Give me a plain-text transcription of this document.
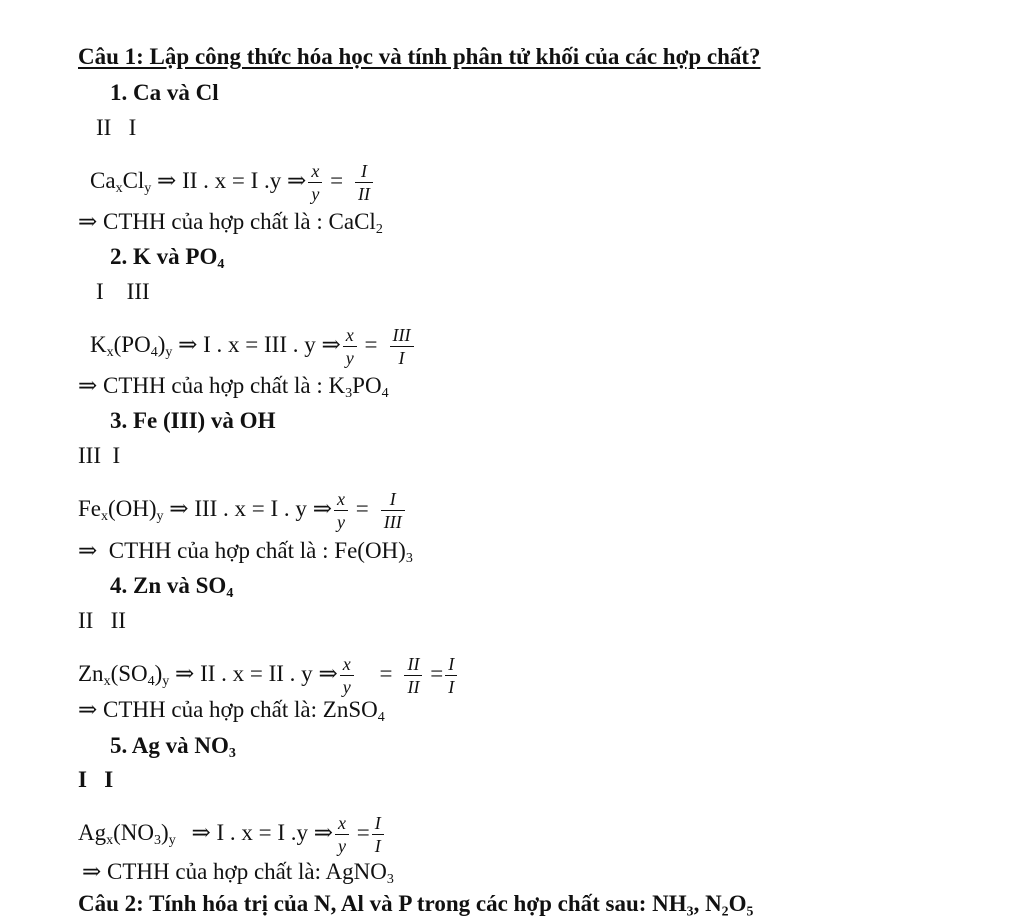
Câu 1: Lập công thức hóa học và tính phân tử khối của các hợp chất?
1. Ca và Cl
II   I
$Ca_xCl_y$ ⇒ II . x = I .y ⇒ $\frac{x}{y} = \frac{I}{II}$
⇒ CTHH của hợp chất là : CaCl$_2$
2. K và $PO_4$
I    III
$K_x(PO_4)_y$ ⇒ I . x = III . y ⇒ $\frac{x}{y} = \frac{\text{III}}{I}$
⇒ CTHH của hợp chất là : $K_3PO_4$
3. Fe (III) và OH
III  I
$Fe_x(OH)_y$ ⇒ III . x = I . y ⇒ $\frac{x}{y} = \frac{I}{\text{III}}$
⇒ CTHH của hợp chất là : $Fe(OH)_3$
4. Zn và $SO_4$
II   II
$Zn_x(SO_4)_y$ ⇒ II . x = II . y ⇒ $\frac{x}{y} = \frac{II}{II} = \frac{I}{I}$
⇒ CTHH của hợp chất là: ZnSO$_4$
5. Ag và $NO_3$
I   I
$Ag_x(NO_3)_y$ ⇒ I . x = I .y ⇒ $\frac{x}{y} = \frac{I}{I}$
⇒ CTHH của hợp chất là: AgNO$_3$
Câu 2: Tính hóa trị của N, Al và P trong các hợp chất sau: NH₃, N₂O₅
